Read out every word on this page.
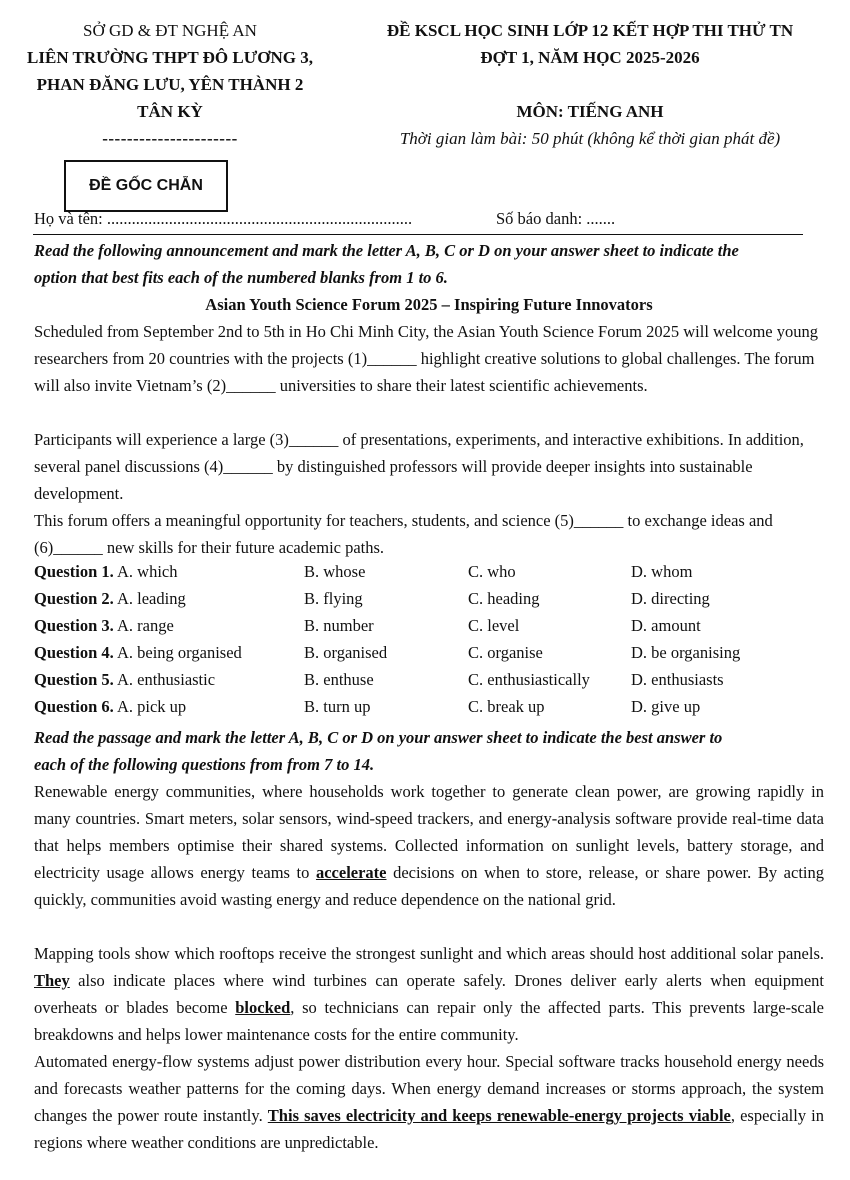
SỞ GD & ĐT NGHỆ AN
LIÊN TRƯỜNG THPT ĐÔ LƯƠNG 3,
PHAN ĐĂNG LƯU, YÊN THÀNH 2
TÂN KỲ
----------------------
ĐỀ KSCL HỌC SINH LỚP 12 KẾT HỢP THI THỬ TN
ĐỢT 1, NĂM HỌC 2025-2026
MÔN: TIẾNG ANH
Thời gian làm bài: 50 phút (không kể thời gian phát đề)
ĐỀ GỐC CHẴN
Họ và tên: ..........................................................................	Số báo danh: .......
Read the following announcement and mark the letter A, B, C or D on your answer sheet to indicate the
option that best fits each of the numbered blanks from 1 to 6.
Asian Youth Science Forum 2025 – Inspiring Future Innovators
Scheduled from September 2nd to 5th in Ho Chi Minh City, the Asian Youth Science Forum 2025 will welcome young researchers from 20 countries with the projects (1)______ highlight creative solutions to global challenges. The forum will also invite Vietnam’s (2)______ universities to share their latest scientific achievements.
Participants will experience a large (3)______ of presentations, experiments, and interactive exhibitions. In addition, several panel discussions (4)______ by distinguished professors will provide deeper insights into sustainable development.
This forum offers a meaningful opportunity for teachers, students, and science (5)______ to exchange ideas and (6)______ new skills for their future academic paths.
Question 1. A. which	B. whose	C. who	D. whom
Question 2. A. leading	B. flying	C. heading	D. directing
Question 3. A. range	B. number	C. level	D. amount
Question 4. A. being organised	B. organised	C. organise	D. be organising
Question 5. A. enthusiastic	B. enthuse	C. enthusiastically D. enthusiasts
Question 6. A. pick up	B. turn up	C. break up	D. give up
Read the passage and mark the letter A, B, C or D on your answer sheet to indicate the best answer to
each of the following questions from from 7 to 14.
Renewable energy communities, where households work together to generate clean power, are growing rapidly in many countries. Smart meters, solar sensors, wind-speed trackers, and energy-analysis software provide real-time data that helps members optimise their shared systems. Collected information on sunlight levels, battery storage, and electricity usage allows energy teams to accelerate decisions on when to store, release, or share power. By acting quickly, communities avoid wasting energy and reduce dependence on the national grid.
Mapping tools show which rooftops receive the strongest sunlight and which areas should host additional solar panels. They also indicate places where wind turbines can operate safely. Drones deliver early alerts when equipment overheats or blades become blocked, so technicians can repair only the affected parts. This prevents large-scale breakdowns and helps lower maintenance costs for the entire community.
Automated energy-flow systems adjust power distribution every hour. Special software tracks household energy needs and forecasts weather patterns for the coming days. When energy demand increases or storms approach, the system changes the power route instantly. This saves electricity and keeps renewable-energy projects viable, especially in regions where weather conditions are unpredictable.
